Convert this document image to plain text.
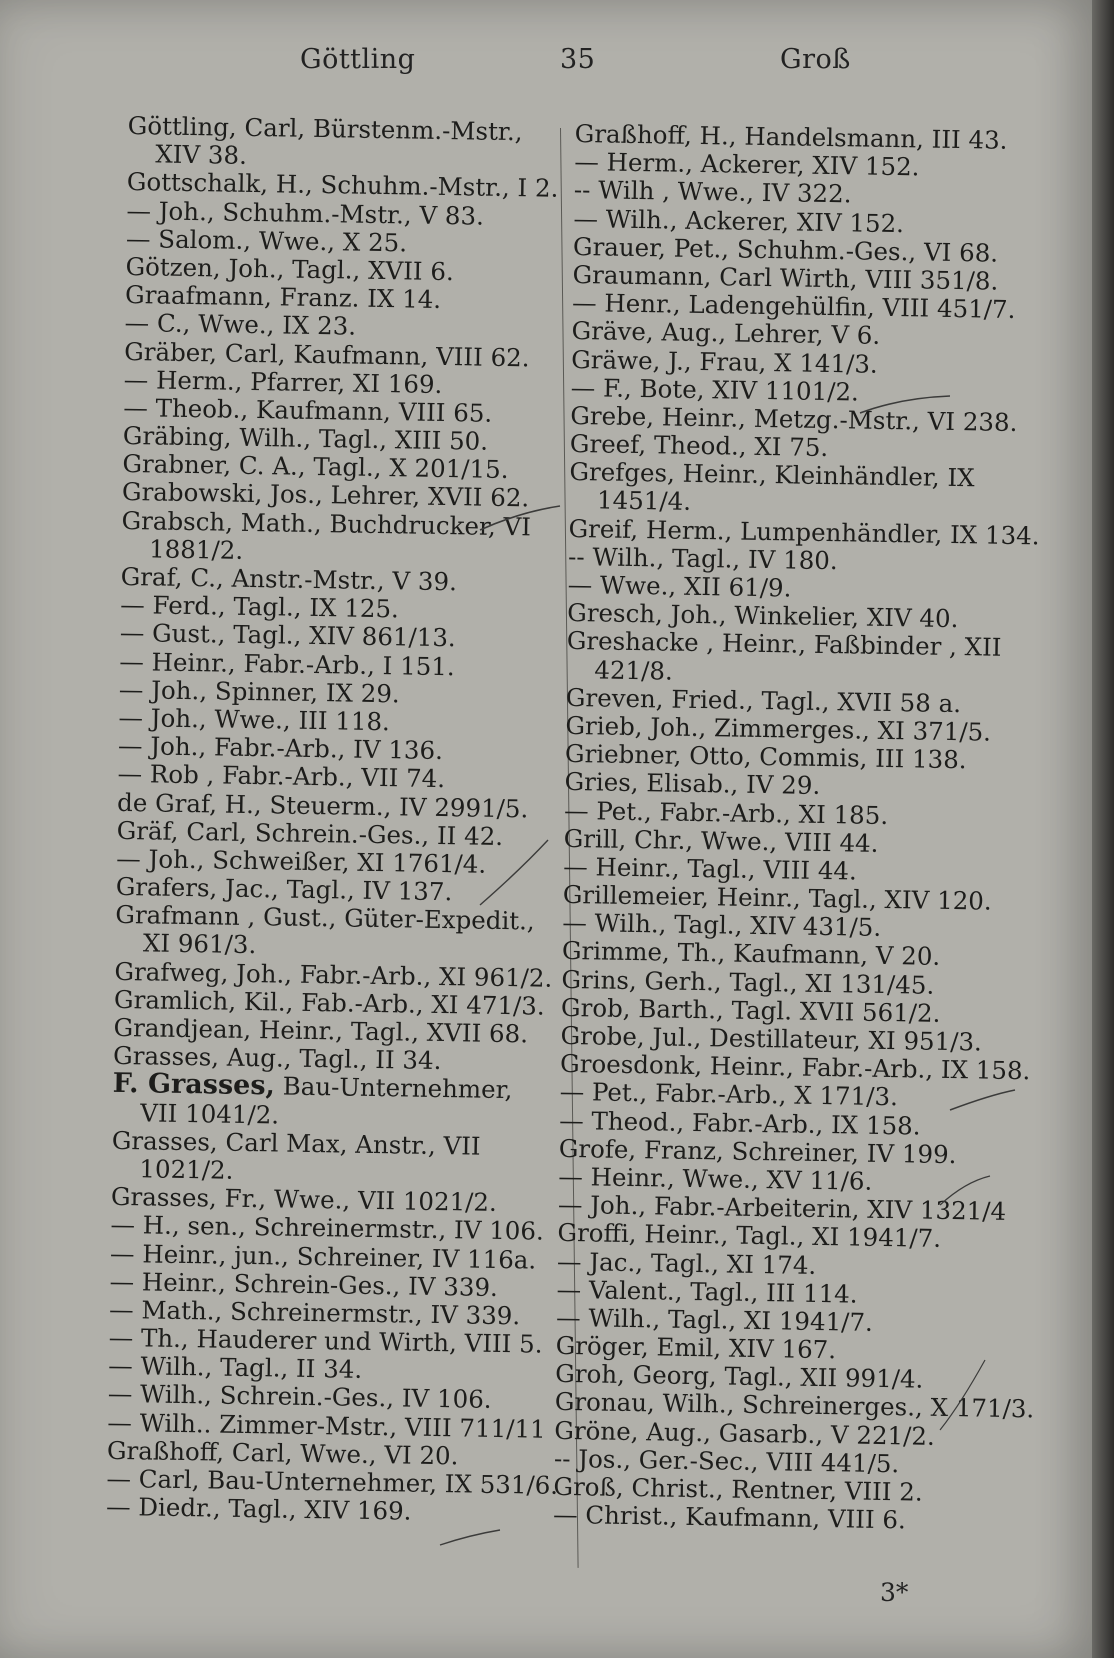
Göttling	35	Groß
Göttling, Carl, Bürstenm.-Mstr.,
XIV 38.
Gottschalk, H., Schuhm.-Mstr., I 2.
— Joh., Schuhm.-Mstr., V 83.
— Salom., Wwe., X 25.
Götzen, Joh., Tagl., XVII 6.
Graafmann, Franz. IX 14.
— C., Wwe., IX 23.
Gräber, Carl, Kaufmann, VIII 62.
— Herm., Pfarrer, XI 169.
— Theob., Kaufmann, VIII 65.
Gräbing, Wilh., Tagl., XIII 50.
Grabner, C. A., Tagl., X 201/15.
Grabowski, Jos., Lehrer, XVII 62.
Grabsch, Math., Buchdrucker, VI
1881/2.
Graf, C., Anstr.-Mstr., V 39.
— Ferd., Tagl., IX 125.
— Gust., Tagl., XIV 861/13.
— Heinr., Fabr.-Arb., I 151.
— Joh., Spinner, IX 29.
— Joh., Wwe., III 118.
— Joh., Fabr.-Arb., IV 136.
— Rob , Fabr.-Arb., VII 74.
de Graf, H., Steuerm., IV 2991/5.
Gräf, Carl, Schrein.-Ges., II 42.
— Joh., Schweißer, XI 1761/4.
Grafers, Jac., Tagl., IV 137.
Grafmann , Gust., Güter-Expedit.,
XI 961/3.
Grafweg, Joh., Fabr.-Arb., XI 961/2.
Gramlich, Kil., Fab.-Arb., XI 471/3.
Grandjean, Heinr., Tagl., XVII 68.
Grasses, Aug., Tagl., II 34.
F. Grasses, Bau-Unternehmer,
VII 1041/2.
Grasses, Carl Max, Anstr., VII
1021/2.
Grasses, Fr., Wwe., VII 1021/2.
— H., sen., Schreinermstr., IV 106.
— Heinr., jun., Schreiner, IV 116a.
— Heinr., Schrein-Ges., IV 339.
— Math., Schreinermstr., IV 339.
— Th., Hauderer und Wirth, VIII 5.
— Wilh., Tagl., II 34.
— Wilh., Schrein.-Ges., IV 106.
— Wilh.. Zimmer-Mstr., VIII 711/11
Graßhoff, Carl, Wwe., VI 20.
— Carl, Bau-Unternehmer, IX 531/6.
— Diedr., Tagl., XIV 169.
Graßhoff, H., Handelsmann, III 43.
— Herm., Ackerer, XIV 152.
-- Wilh , Wwe., IV 322.
— Wilh., Ackerer, XIV 152.
Grauer, Pet., Schuhm.-Ges., VI 68.
Graumann, Carl Wirth, VIII 351/8.
— Henr., Ladengehülfin, VIII 451/7.
Gräve, Aug., Lehrer, V 6.
Gräwe, J., Frau, X 141/3.
— F., Bote, XIV 1101/2.
Grebe, Heinr., Metzg.-Mstr., VI 238.
Greef, Theod., XI 75.
Grefges, Heinr., Kleinhändler, IX
1451/4.
Greif, Herm., Lumpenhändler, IX 134.
-- Wilh., Tagl., IV 180.
— Wwe., XII 61/9.
Gresch, Joh., Winkelier, XIV 40.
Greshacke , Heinr., Faßbinder , XII
421/8.
Greven, Fried., Tagl., XVII 58 a.
Grieb, Joh., Zimmerges., XI 371/5.
Griebner, Otto, Commis, III 138.
Gries, Elisab., IV 29.
— Pet., Fabr.-Arb., XI 185.
Grill, Chr., Wwe., VIII 44.
— Heinr., Tagl., VIII 44.
Grillemeier, Heinr., Tagl., XIV 120.
— Wilh., Tagl., XIV 431/5.
Grimme, Th., Kaufmann, V 20.
Grins, Gerh., Tagl., XI 131/45.
Grob, Barth., Tagl. XVII 561/2.
Grobe, Jul., Destillateur, XI 951/3.
Groesdonk, Heinr., Fabr.-Arb., IX 158.
— Pet., Fabr.-Arb., X 171/3.
— Theod., Fabr.-Arb., IX 158.
Grofe, Franz, Schreiner, IV 199.
— Heinr., Wwe., XV 11/6.
— Joh., Fabr.-Arbeiterin, XIV 1321/4
Groffi, Heinr., Tagl., XI 1941/7.
— Jac., Tagl., XI 174.
— Valent., Tagl., III 114.
— Wilh., Tagl., XI 1941/7.
Gröger, Emil, XIV 167.
Groh, Georg, Tagl., XII 991/4.
Gronau, Wilh., Schreinerges., X 171/3.
Gröne, Aug., Gasarb., V 221/2.
-- Jos., Ger.-Sec., VIII 441/5.
Groß, Christ., Rentner, VIII 2.
— Christ., Kaufmann, VIII 6.
3*
